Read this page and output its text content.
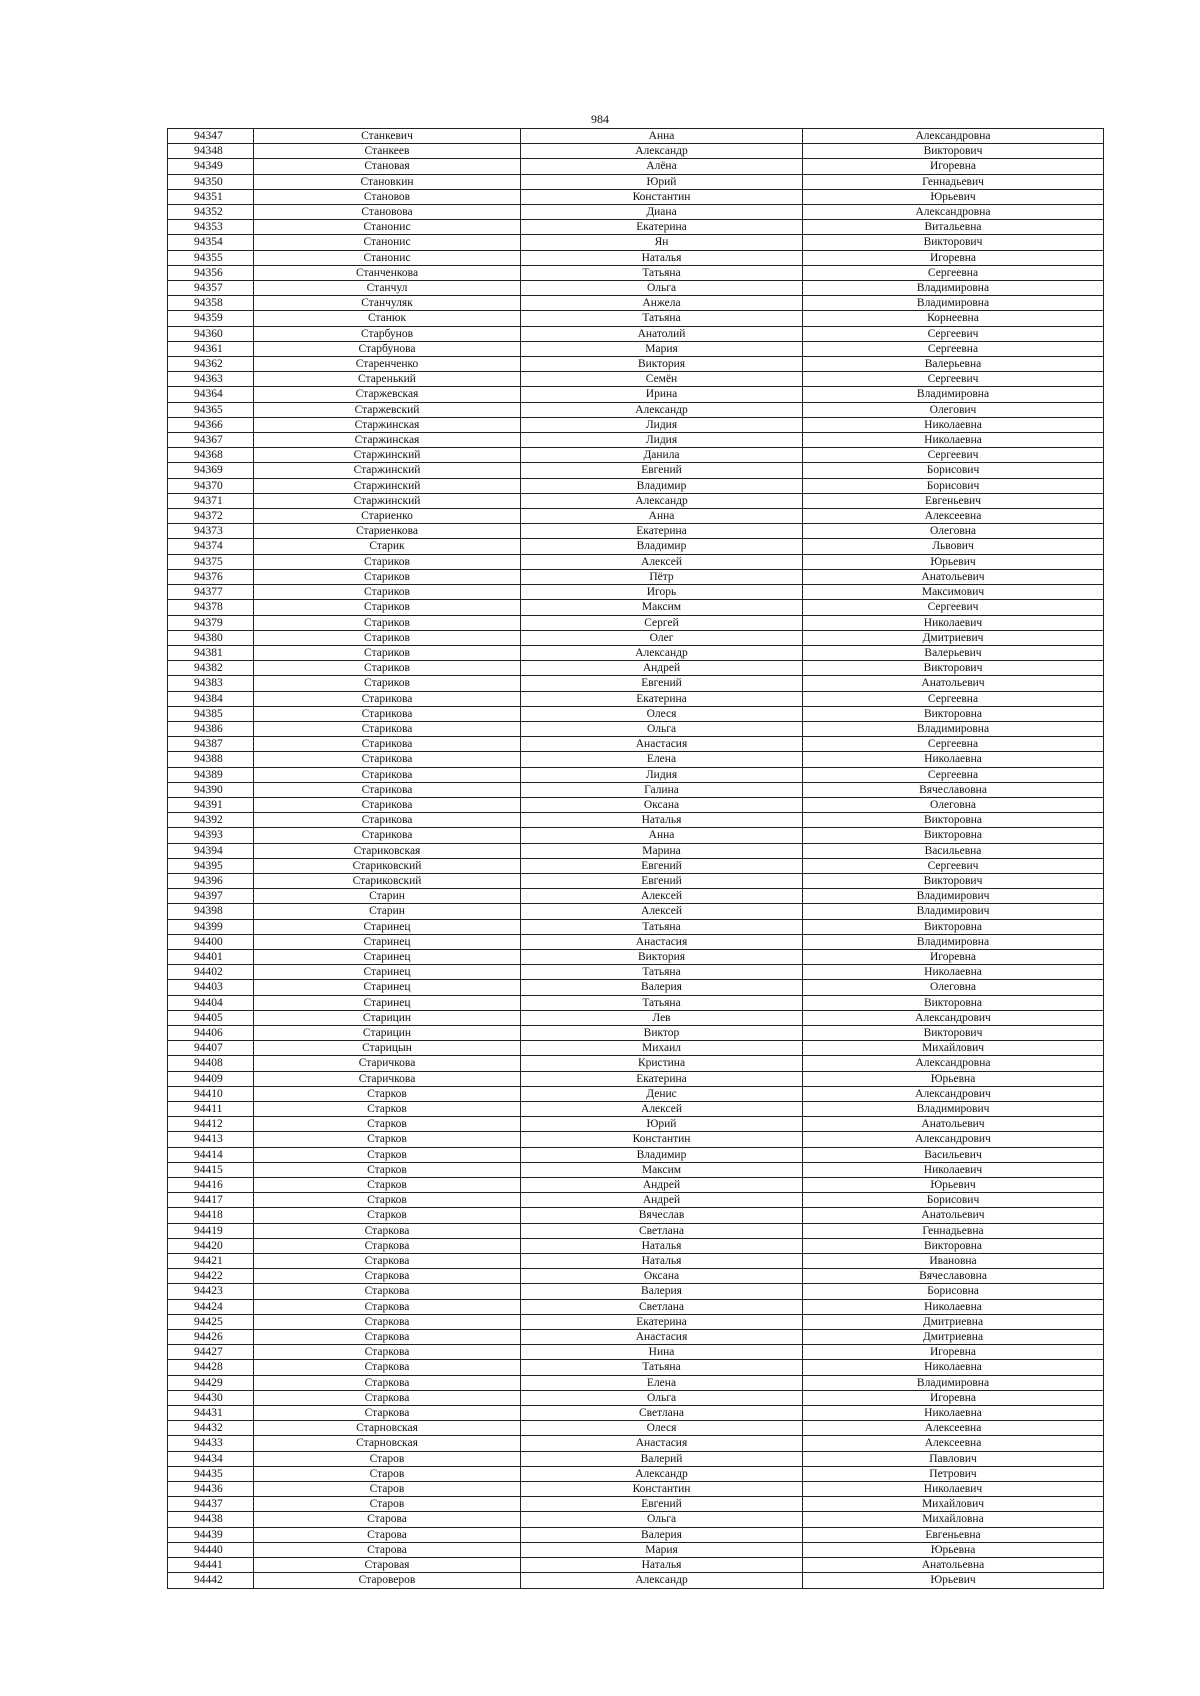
984
94347	Станкевич	Анна	Александровна
94348	Станкеев	Александр	Викторович
94349	Становая	Алёна	Игоревна
94350	Становкин	Юрий	Геннадьевич
94351	Становов	Константин	Юрьевич
94352	Становова	Диана	Александровна
94353	Станонис	Екатерина	Витальевна
94354	Станонис	Ян	Викторович
94355	Станонис	Наталья	Игоревна
94356	Станченкова	Татьяна	Сергеевна
94357	Станчул	Ольга	Владимировна
94358	Станчуляк	Анжела	Владимировна
94359	Станюк	Татьяна	Корнеевна
94360	Старбунов	Анатолий	Сергеевич
94361	Старбунова	Мария	Сергеевна
94362	Старенченко	Виктория	Валерьевна
94363	Старенький	Семён	Сергеевич
94364	Старжевская	Ирина	Владимировна
94365	Старжевский	Александр	Олегович
94366	Старжинская	Лидия	Николаевна
94367	Старжинская	Лидия	Николаевна
94368	Старжинский	Данила	Сергеевич
94369	Старжинский	Евгений	Борисович
94370	Старжинский	Владимир	Борисович
94371	Старжинский	Александр	Евгеньевич
94372	Стариенко	Анна	Алексеевна
94373	Стариенкова	Екатерина	Олеговна
94374	Старик	Владимир	Львович
94375	Стариков	Алексей	Юрьевич
94376	Стариков	Пётр	Анатольевич
94377	Стариков	Игорь	Максимович
94378	Стариков	Максим	Сергеевич
94379	Стариков	Сергей	Николаевич
94380	Стариков	Олег	Дмитриевич
94381	Стариков	Александр	Валерьевич
94382	Стариков	Андрей	Викторович
94383	Стариков	Евгений	Анатольевич
94384	Старикова	Екатерина	Сергеевна
94385	Старикова	Олеся	Викторовна
94386	Старикова	Ольга	Владимировна
94387	Старикова	Анастасия	Сергеевна
94388	Старикова	Елена	Николаевна
94389	Старикова	Лидия	Сергеевна
94390	Старикова	Галина	Вячеславовна
94391	Старикова	Оксана	Олеговна
94392	Старикова	Наталья	Викторовна
94393	Старикова	Анна	Викторовна
94394	Стариковская	Марина	Васильевна
94395	Стариковский	Евгений	Сергеевич
94396	Стариковский	Евгений	Викторович
94397	Старин	Алексей	Владимирович
94398	Старин	Алексей	Владимирович
94399	Старинец	Татьяна	Викторовна
94400	Старинец	Анастасия	Владимировна
94401	Старинец	Виктория	Игоревна
94402	Старинец	Татьяна	Николаевна
94403	Старинец	Валерия	Олеговна
94404	Старинец	Татьяна	Викторовна
94405	Старицин	Лев	Александрович
94406	Старицин	Виктор	Викторович
94407	Старицын	Михаил	Михайлович
94408	Старичкова	Кристина	Александровна
94409	Старичкова	Екатерина	Юрьевна
94410	Старков	Денис	Александрович
94411	Старков	Алексей	Владимирович
94412	Старков	Юрий	Анатольевич
94413	Старков	Константин	Александрович
94414	Старков	Владимир	Васильевич
94415	Старков	Максим	Николаевич
94416	Старков	Андрей	Юрьевич
94417	Старков	Андрей	Борисович
94418	Старков	Вячеслав	Анатольевич
94419	Старкова	Светлана	Геннадьевна
94420	Старкова	Наталья	Викторовна
94421	Старкова	Наталья	Ивановна
94422	Старкова	Оксана	Вячеславовна
94423	Старкова	Валерия	Борисовна
94424	Старкова	Светлана	Николаевна
94425	Старкова	Екатерина	Дмитриевна
94426	Старкова	Анастасия	Дмитриевна
94427	Старкова	Нина	Игоревна
94428	Старкова	Татьяна	Николаевна
94429	Старкова	Елена	Владимировна
94430	Старкова	Ольга	Игоревна
94431	Старкова	Светлана	Николаевна
94432	Старновская	Олеся	Алексеевна
94433	Старновская	Анастасия	Алексеевна
94434	Старов	Валерий	Павлович
94435	Старов	Александр	Петрович
94436	Старов	Константин	Николаевич
94437	Старов	Евгений	Михайлович
94438	Старова	Ольга	Михайловна
94439	Старова	Валерия	Евгеньевна
94440	Старова	Мария	Юрьевна
94441	Старовая	Наталья	Анатольевна
94442	Староверов	Александр	Юрьевич
